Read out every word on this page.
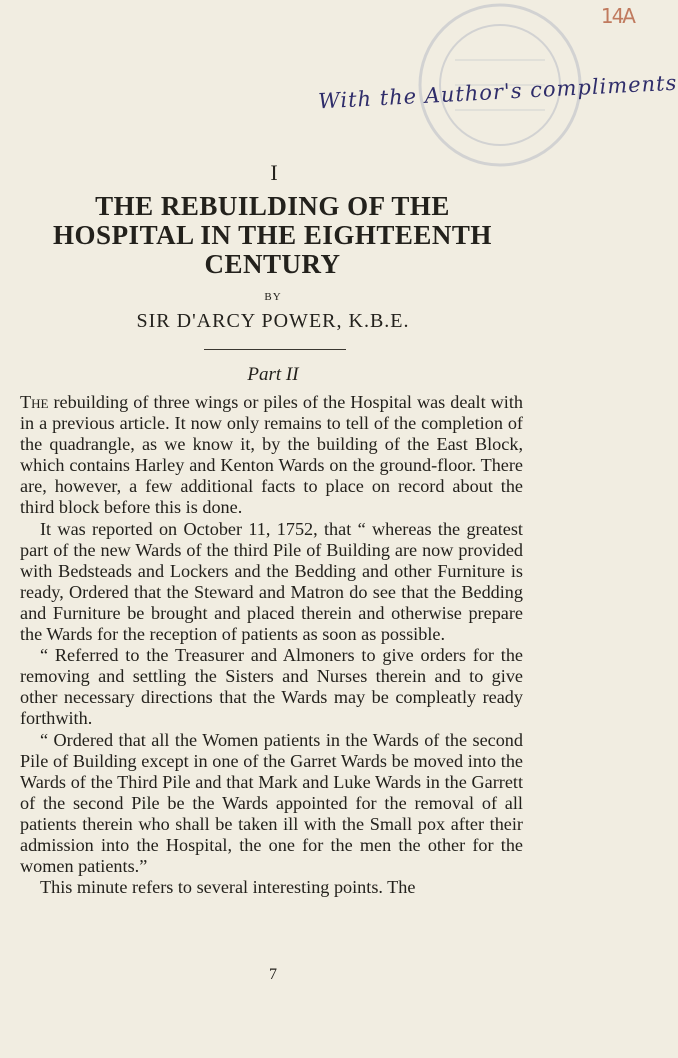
14A
With the Author's compliments
I
THE REBUILDING OF THE
HOSPITAL IN THE EIGHTEENTH
CENTURY
BY
SIR D'ARCY POWER, K.B.E.
Part II

The rebuilding of three wings or piles of the Hospital was dealt with in a previous article. It now only remains to tell of the completion of the quadrangle, as we know it, by the building of the East Block, which contains Harley and Kenton Wards on the ground-floor. There are, however, a few additional facts to place on record about the third block before this is done.

It was reported on October 11, 1752, that “ whereas the greatest part of the new Wards of the third Pile of Building are now provided with Bedsteads and Lockers and the Bedding and other Furniture is ready, Ordered that the Steward and Matron do see that the Bedding and Furniture be brought and placed therein and otherwise prepare the Wards for the reception of patients as soon as possible.

“ Referred to the Treasurer and Almoners to give orders for the removing and settling the Sisters and Nurses therein and to give other necessary directions that the Wards may be compleatly ready forthwith.

“ Ordered that all the Women patients in the Wards of the second Pile of Building except in one of the Garret Wards be moved into the Wards of the Third Pile and that Mark and Luke Wards in the Garrett of the second Pile be the Wards appointed for the removal of all patients therein who shall be taken ill with the Small pox after their admission into the Hospital, the one for the men the other for the women patients.”

This minute refers to several interesting points. The

7
